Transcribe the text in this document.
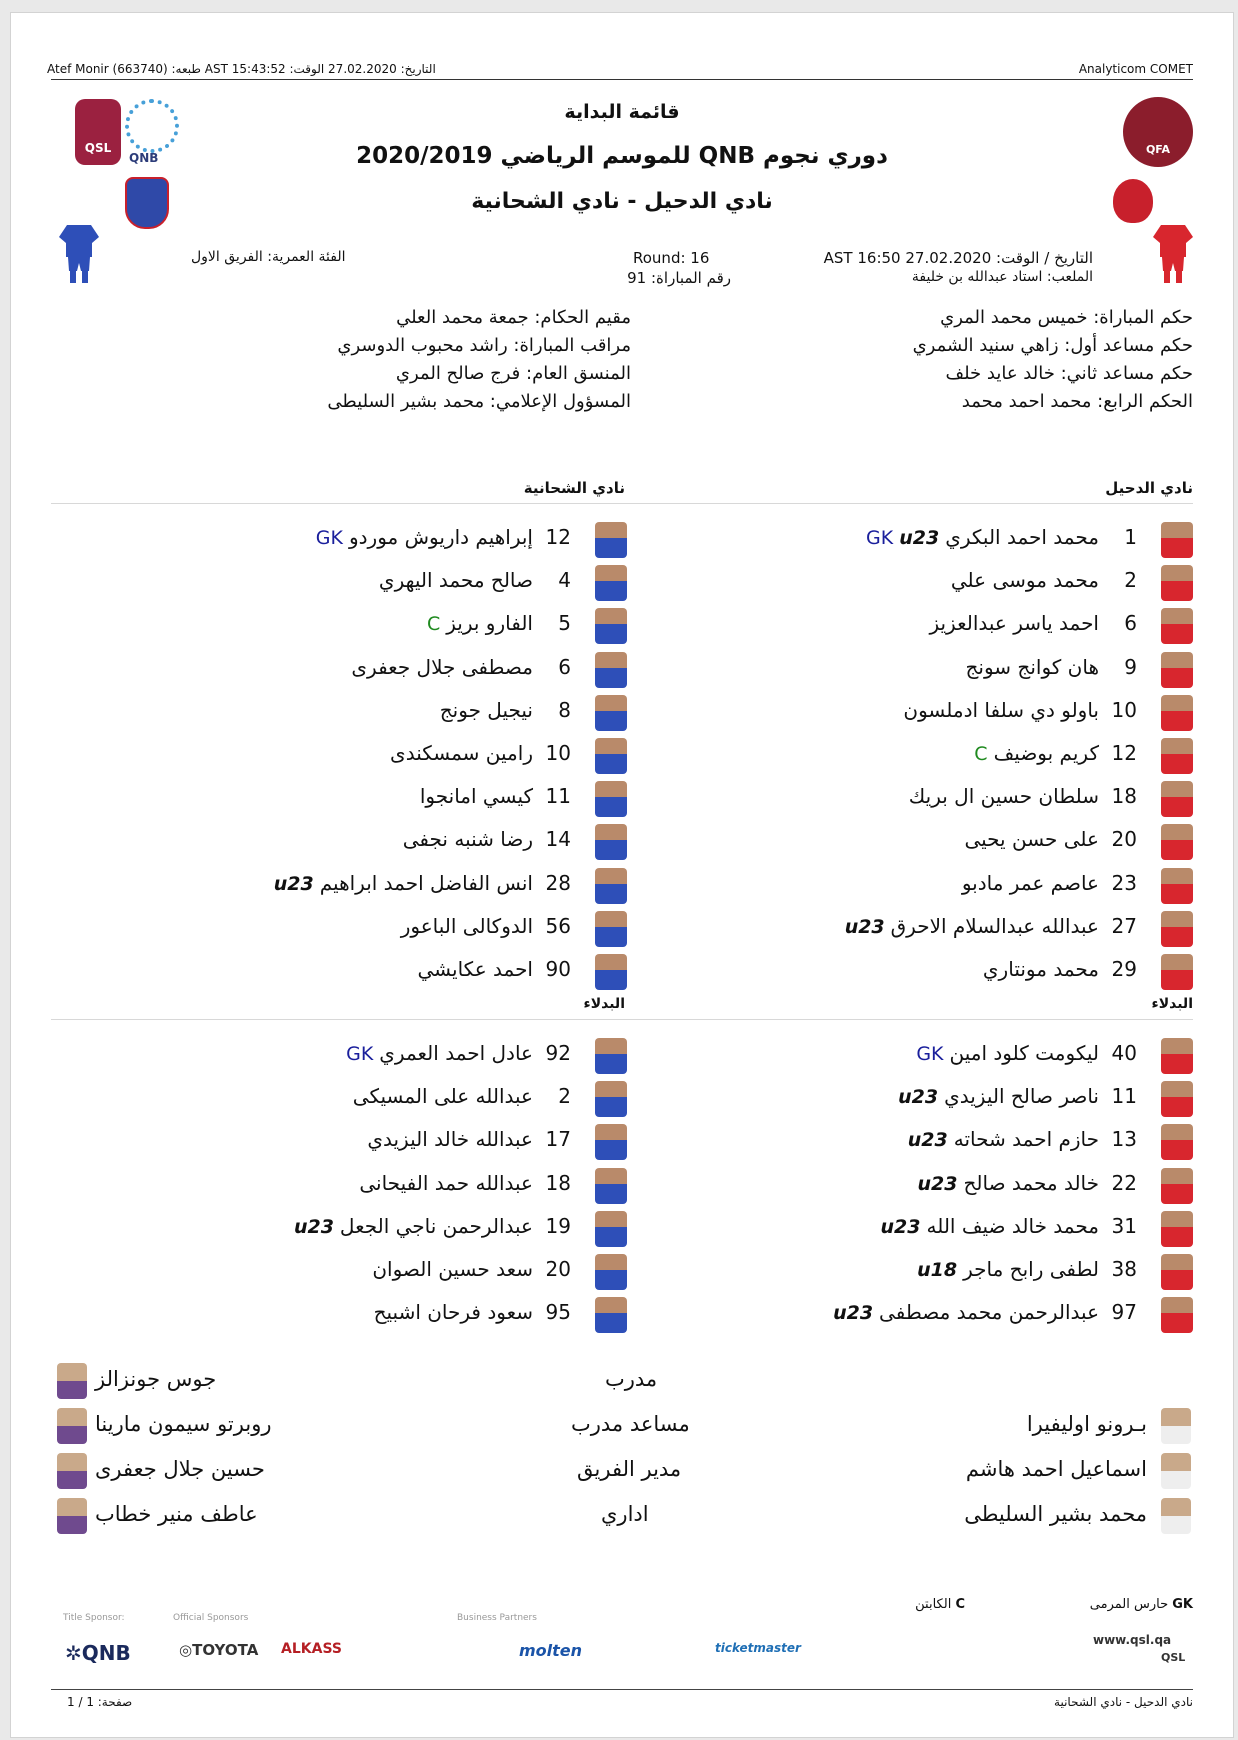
Analyticom COMET
التاريخ: 27.02.2020 الوقت: 15:43:52 AST طبعه: Atef Monir (663740)
QFA
QSL
QNB
قائمة البداية
دوري نجوم QNB للموسم الرياضي 2020/2019
نادي الدحيل - نادي الشحانية
التاريخ / الوقت: 27.02.2020 16:50 AST
الملعب: استاد عبدالله بن خليفة
Round: 16
رقم المباراة: 91
الفئة العمرية: الفريق الاول
حكم المباراة: خميس محمد المري
حكم مساعد أول: زاهي سنيد الشمري
حكم مساعد ثاني: خالد عايد خلف
الحكم الرابع: محمد احمد محمد
مقيم الحكام: جمعة محمد العلي
مراقب المباراة: راشد محبوب الدوسري
المنسق العام: فرج صالح المري
المسؤول الإعلامي: محمد بشير السليطى
نادي الدحيل
نادي الشحانية
1محمد احمد البكريGK u23
2محمد موسى علي
6احمد ياسر عبدالعزيز
9هان كوانج سونج
10باولو دي سلفا ادملسون
12كريم بوضيفC
18سلطان حسين ال بريك
20على حسن يحيى
23عاصم عمر مادبو
27عبدالله عبدالسلام الاحرقu23
29محمد مونتاري
12إبراهيم داريوش موردوGK
4صالح محمد اليهري
5الفارو بريزC
6مصطفى جلال جعفرى
8نيجيل جونج
10رامين سمسكندى
11كيسي امانجوا
14رضا شنبه نجفى
28انس الفاضل احمد ابراهيمu23
56الدوكالى الباعور
90احمد عكايشي
البدلاء
البدلاء
40ليكومت كلود امينGK
11ناصر صالح اليزيديu23
13حازم احمد شحاتهu23
22خالد محمد صالحu23
31محمد خالد ضيف اللهu23
38لطفى رابح ماجرu18
97عبدالرحمن محمد مصطفىu23
92عادل احمد العمريGK
2عبدالله على المسيكى
17عبدالله خالد اليزيدي
18عبدالله حمد الفيحانى
19عبدالرحمن ناجي الجعلu23
20سعد حسين الصوان
95سعود فرحان اشبيح
مدرب
جوس جونزالز
مساعد مدرب
روبرتو سيمون مارينا	بـرونو اوليفيرا
مدير الفريق
حسين جلال جعفرى	اسماعيل احمد هاشم
اداري
عاطف منير خطاب	محمد بشير السليطى
GK حارس المرمى
C الكابتن
Title Sponsor:	Official Sponsors	Business Partners
✲QNB	◎TOYOTA ALKASS	molten	ticketmaster
www.qsl.qa
QSL
صفحة: 1 / 1	نادي الدحيل - نادي الشحانية
